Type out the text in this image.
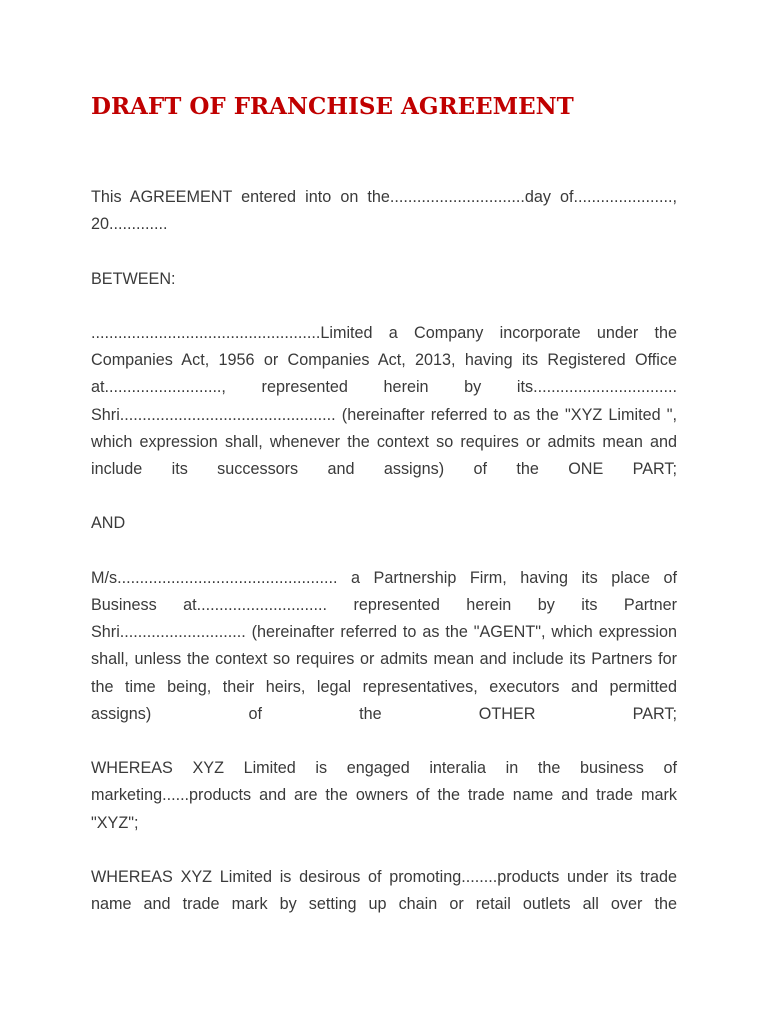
DRAFT OF FRANCHISE AGREEMENT

This AGREEMENT entered into on the..............................day of......................, 20.............

BETWEEN:

...................................................Limited a Company incorporate under the Companies Act, 1956 or Companies Act, 2013, having its Registered Office at.........................., represented herein by its................................ Shri................................................ (hereinafter referred to as the "XYZ Limited ", which expression shall, whenever the context so requires or admits mean and include its successors and assigns) of the ONE PART;

AND

M/s................................................. a Partnership Firm, having its place of Business at............................. represented herein by its Partner Shri............................ (hereinafter referred to as the "AGENT", which expression shall, unless the context so requires or admits mean and include its Partners for the time being, their heirs, legal representatives, executors and permitted assigns) of the OTHER PART;

WHEREAS XYZ Limited is engaged interalia in the business of marketing......products and are the owners of the trade name and trade mark "XYZ";

WHEREAS XYZ Limited is desirous of promoting........products under its trade name and trade mark by setting up chain or retail outlets all over the
